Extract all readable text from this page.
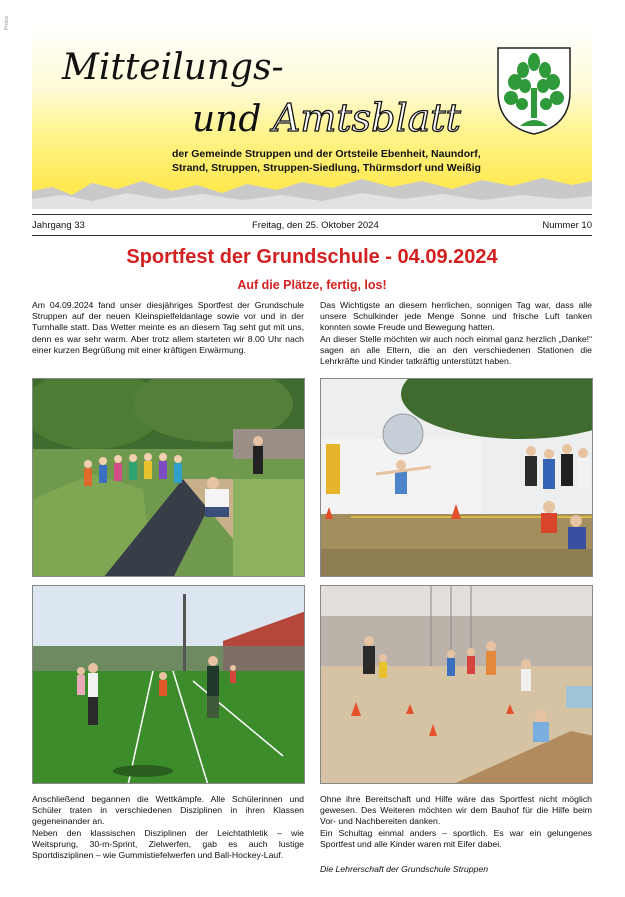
Probe
Mitteilungs-
und Amtsblatt
der Gemeinde Struppen und der Ortsteile Ebenheit, Naundorf,
Strand, Struppen, Struppen-Siedlung, Thürmsdorf und Weißig
Jahrgang 33	Freitag, den 25. Oktober 2024	Nummer 10
Sportfest der Grundschule - 04.09.2024
Auf die Plätze, fertig, los!
Am 04.09.2024 fand unser diesjähriges Sportfest der Grundschule Struppen auf der neuen Kleinspielfeldanlage sowie vor und in der Turnhalle statt. Das Wetter meinte es an diesem Tag seht gut mit uns, denn es war sehr warm. Aber trotz allem starteten wir 8.00 Uhr nach einer kurzen Begrüßung mit einer kräftigen Erwärmung.
Das Wichtigste an diesem herrlichen, sonnigen Tag war, dass alle unsere Schulkinder jede Menge Sonne und frische Luft tanken konnten sowie Freude und Bewegung hatten.
An dieser Stelle möchten wir auch noch einmal ganz herzlich „Danke!“ sagen an alle Eltern, die an den verschiedenen Stationen die Lehrkräfte und Kinder tatkräftig unterstützt haben.
Anschließend begannen die Wettkämpfe. Alle Schülerinnen und Schüler traten in verschiedenen Disziplinen in ihren Klassen gegeneinander an.
Neben den klassischen Disziplinen der Leichtathletik – wie Weitsprung, 30-m-Sprint, Zielwerfen, gab es auch lustige Sportdisziplinen – wie Gummistiefelwerfen und Ball-Hockey-Lauf.
Ohne ihre Bereitschaft und Hilfe wäre das Sportfest nicht möglich gewesen. Des Weiteren möchten wir dem Bauhof für die Hilfe beim Vor- und Nachbereiten danken.
Ein Schultag einmal anders – sportlich. Es war ein gelungenes Sportfest und alle Kinder waren mit Eifer dabei.
Die Lehrerschaft der Grundschule Struppen
